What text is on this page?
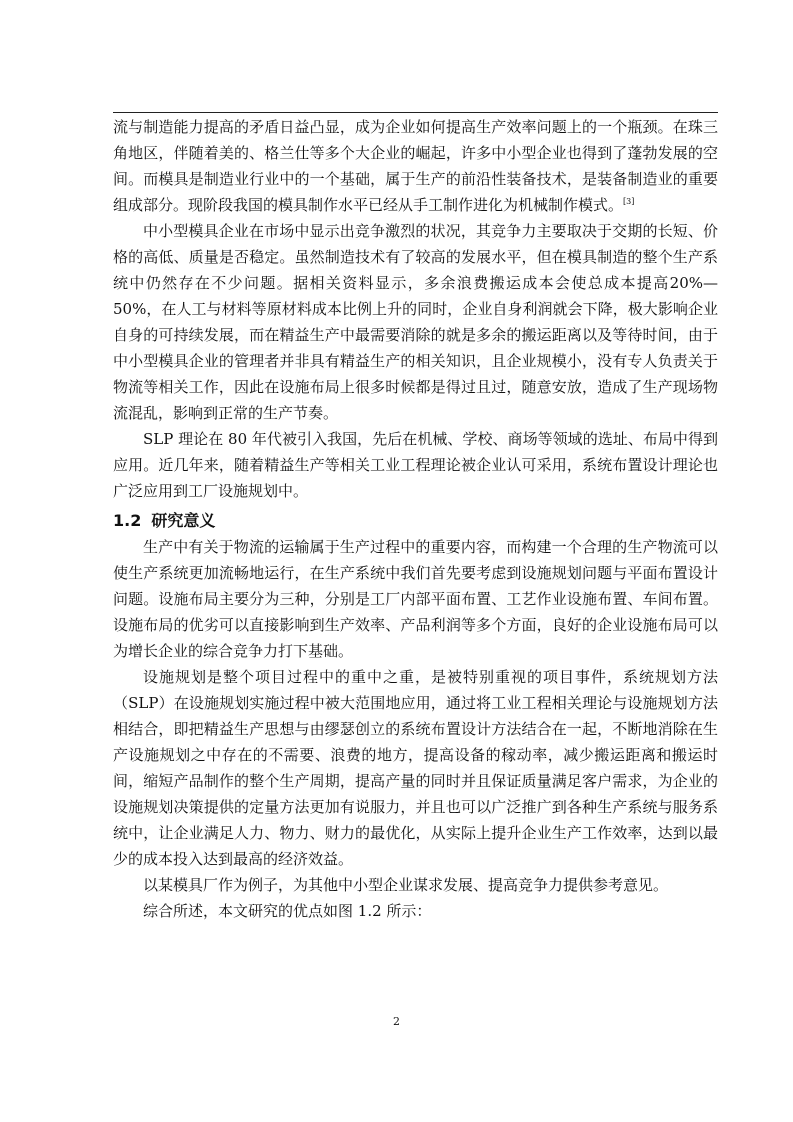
流与制造能力提高的矛盾日益凸显，成为企业如何提高生产效率问题上的一个瓶颈。在珠三角地区，伴随着美的、格兰仕等多个大企业的崛起，许多中小型企业也得到了蓬勃发展的空间。而模具是制造业行业中的一个基础，属于生产的前沿性装备技术，是装备制造业的重要组成部分。现阶段我国的模具制作水平已经从手工制作进化为机械制作模式。[3]

中小型模具企业在市场中显示出竞争激烈的状况，其竞争力主要取决于交期的长短、价格的高低、质量是否稳定。虽然制造技术有了较高的发展水平，但在模具制造的整个生产系统中仍然存在不少问题。据相关资料显示，多余浪费搬运成本会使总成本提高20%—50%，在人工与材料等原材料成本比例上升的同时，企业自身利润就会下降，极大影响企业自身的可持续发展，而在精益生产中最需要消除的就是多余的搬运距离以及等待时间，由于中小型模具企业的管理者并非具有精益生产的相关知识，且企业规模小，没有专人负责关于物流等相关工作，因此在设施布局上很多时候都是得过且过，随意安放，造成了生产现场物流混乱，影响到正常的生产节奏。

SLP 理论在 80 年代被引入我国，先后在机械、学校、商场等领域的选址、布局中得到应用。近几年来，随着精益生产等相关工业工程理论被企业认可采用，系统布置设计理论也广泛应用到工厂设施规划中。

1.2 研究意义

生产中有关于物流的运输属于生产过程中的重要内容，而构建一个合理的生产物流可以使生产系统更加流畅地运行，在生产系统中我们首先要考虑到设施规划问题与平面布置设计问题。设施布局主要分为三种，分别是工厂内部平面布置、工艺作业设施布置、车间布置。设施布局的优劣可以直接影响到生产效率、产品利润等多个方面，良好的企业设施布局可以为增长企业的综合竞争力打下基础。

设施规划是整个项目过程中的重中之重，是被特别重视的项目事件，系统规划方法（SLP）在设施规划实施过程中被大范围地应用，通过将工业工程相关理论与设施规划方法相结合，即把精益生产思想与由缪瑟创立的系统布置设计方法结合在一起，不断地消除在生产设施规划之中存在的不需要、浪费的地方，提高设备的稼动率，减少搬运距离和搬运时间，缩短产品制作的整个生产周期，提高产量的同时并且保证质量满足客户需求，为企业的设施规划决策提供的定量方法更加有说服力，并且也可以广泛推广到各种生产系统与服务系统中，让企业满足人力、物力、财力的最优化，从实际上提升企业生产工作效率，达到以最少的成本投入达到最高的经济效益。

以某模具厂作为例子，为其他中小型企业谋求发展、提高竞争力提供参考意见。

综合所述，本文研究的优点如图 1.2 所示：

2
